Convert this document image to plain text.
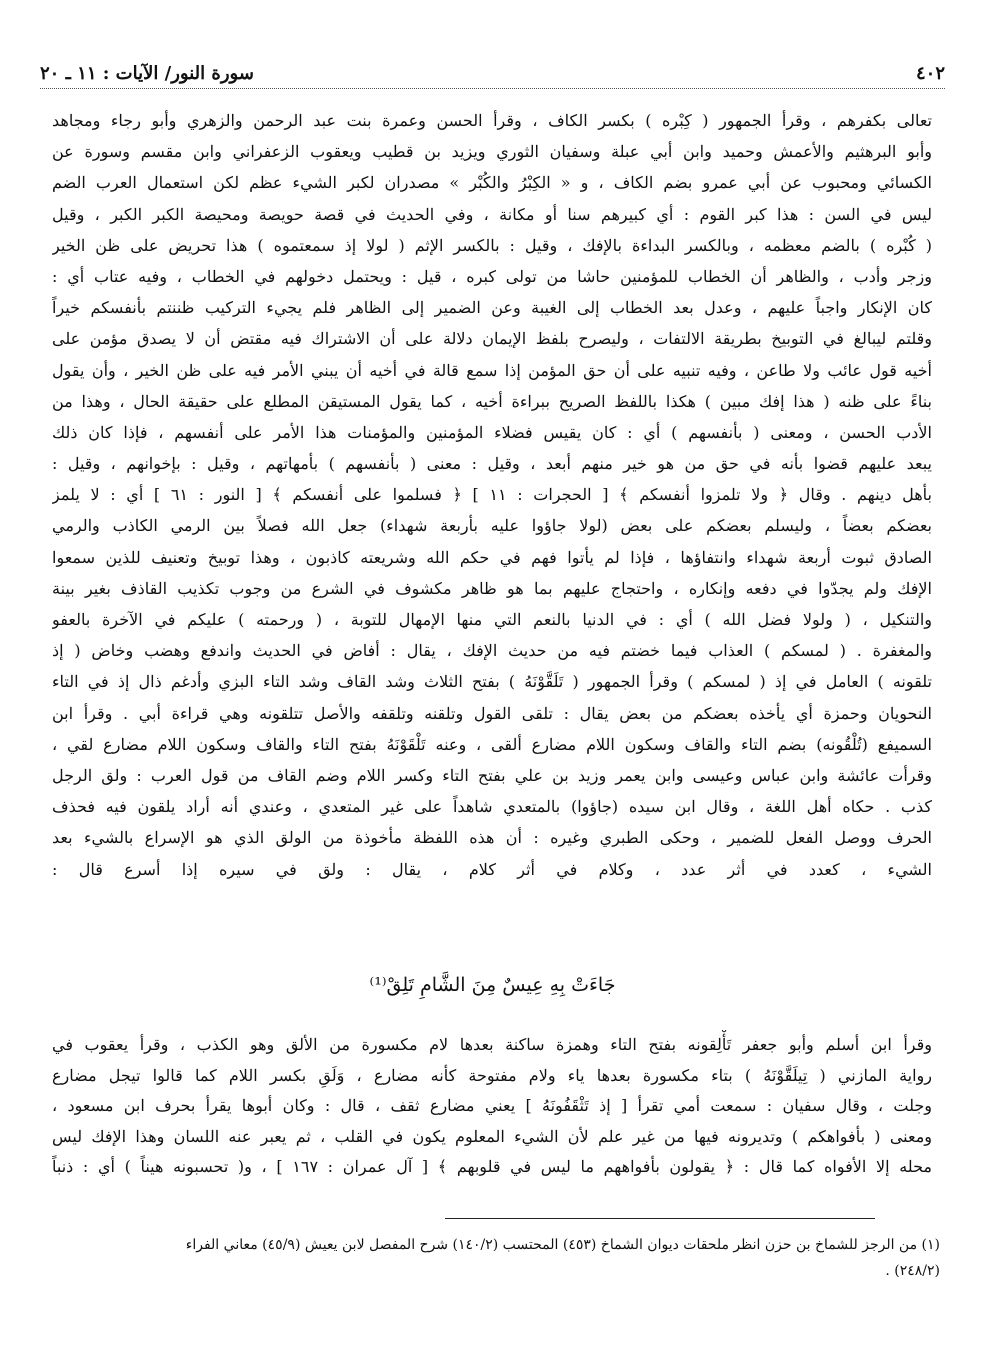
٤٠٢
سورة النور/ الآيات : ١١ ـ ٢٠

تعالى بكفرهم ، وقرأ الجمهور ( كِبْره ) بكسر الكاف ، وقرأ الحسن وعمرة بنت عبد الرحمن والزهري وأبو رجاء ومجاهد

وأبو البرهثيم والأعمش وحميد وابن أبي عبلة وسفيان الثوري ويزيد بن قطيب ويعقوب الزعفراني وابن مقسم وسورة عن

الكسائي ومحبوب عن أبي عمرو بضم الكاف ، و « الكِبْرُ والكُبْر » مصدران لكبر الشيء عظم لكن استعمال العرب الضم

ليس في السن : هذا كبر القوم : أي كبيرهم سنا أو مكانة ، وفي الحديث في قصة حويصة ومحيصة الكبر الكبر ، وقيل

( كُبْره ) بالضم معظمه ، وبالكسر البداءة بالإفك ، وقيل : بالكسر الإثم ( لولا إذ سمعتموه ) هذا تحريض على ظن الخير

وزجر وأدب ، والظاهر أن الخطاب للمؤمنين حاشا من تولى كبره ، قيل : ويحتمل دخولهم في الخطاب ، وفيه عتاب أي :

كان الإنكار واجباً عليهم ، وعدل بعد الخطاب إلى الغيبة وعن الضمير إلى الظاهر فلم يجيء التركيب ظننتم بأنفسكم خيراً

وقلتم ليبالغ في التوبيخ بطريقة الالتفات ، وليصرح بلفظ الإيمان دلالة على أن الاشتراك فيه مقتض أن لا يصدق مؤمن على

أخيه قول عائب ولا طاعن ، وفيه تنبيه على أن حق المؤمن إذا سمع قالة في أخيه أن يبني الأمر فيه على ظن الخير ، وأن يقول

بناءً على ظنه ( هذا إفك مبين ) هكذا باللفظ الصريح ببراءة أخيه ، كما يقول المستيقن المطلع على حقيقة الحال ، وهذا من

الأدب الحسن ، ومعنى ( بأنفسهم ) أي : كان يقيس فضلاء المؤمنين والمؤمنات هذا الأمر على أنفسهم ، فإذا كان ذلك

يبعد عليهم قضوا بأنه في حق من هو خير منهم أبعد ، وقيل : معنى ( بأنفسهم ) بأمهاتهم ، وقيل : بإخوانهم ، وقيل :

بأهل دينهم . وقال ﴿ ولا تلمزوا أنفسكم ﴾ [ الحجرات : ١١ ] ﴿ فسلموا على أنفسكم ﴾ [ النور : ٦١ ] أي : لا يلمز

بعضكم بعضاً ، وليسلم بعضكم على بعض (لولا جاؤوا عليه بأربعة شهداء) جعل الله فصلاً بين الرمي الكاذب والرمي

الصادق ثبوت أربعة شهداء وانتفاؤها ، فإذا لم يأتوا فهم في حكم الله وشريعته كاذبون ، وهذا توبيخ وتعنيف للذين سمعوا

الإفك ولم يجدّوا في دفعه وإنكاره ، واحتجاج عليهم بما هو ظاهر مكشوف في الشرع من وجوب تكذيب القاذف بغير بينة

والتنكيل ، ( ولولا فضل الله ) أي : في الدنيا بالنعم التي منها الإمهال للتوبة ، ( ورحمته ) عليكم في الآخرة بالعفو

والمغفرة . ( لمسكم ) العذاب فيما خضتم فيه من حديث الإفك ، يقال : أفاض في الحديث واندفع وهضب وخاض ( إذ

تلقونه ) العامل في إذ ( لمسكم ) وقرأ الجمهور ( تَلَقَّوْنَهُ ) بفتح الثلاث وشد القاف وشد التاء البزي وأدغم ذال إذ في التاء

النحويان وحمزة أي يأخذه بعضكم من بعض يقال : تلقى القول وتلقنه وتلقفه والأصل تتلقونه وهي قراءة أبي . وقرأ ابن

السميفع (تُلْقُونه) بضم التاء والقاف وسكون اللام مضارع ألقى ، وعنه تَلْقَوْنَهُ بفتح التاء والقاف وسكون اللام مضارع لقي ،

وقرأت عائشة وابن عباس وعيسى وابن يعمر وزيد بن علي بفتح التاء وكسر اللام وضم القاف من قول العرب : ولق الرجل

كذب . حكاه أهل اللغة ، وقال ابن سيده (جاؤوا) بالمتعدي شاهداً على غير المتعدي ، وعندي أنه أراد يلقون فيه فحذف

الحرف ووصل الفعل للضمير ، وحكى الطبري وغيره : أن هذه اللفظة مأخوذة من الولق الذي هو الإسراع بالشيء بعد

الشيء ، كعدد في أثر عدد ، وكلام في أثر كلام ، يقال : ولق في سيره إذا أسرع قال :

جَاءَتْ بِهِ عِيسٌ مِنَ الشَّامِ تَلِقْ⁽¹⁾

وقرأ ابن أسلم وأبو جعفر تَأْلِقونه بفتح التاء وهمزة ساكنة بعدها لام مكسورة من الألق وهو الكذب ، وقرأ يعقوب في

رواية المازني ( تِيلَقَّوْنَهُ ) بتاء مكسورة بعدها ياء ولام مفتوحة كأنه مضارع ، وَلَقِ بكسر اللام كما قالوا تيجل مضارع

وجلت ، وقال سفيان : سمعت أمي تقرأ [ إذ تَثْقَفُونَهُ ] يعني مضارع ثقف ، قال : وكان أبوها يقرأ بحرف ابن مسعود ،

ومعنى ( بأفواهكم ) وتديرونه فيها من غير علم لأن الشيء المعلوم يكون في القلب ، ثم يعبر عنه اللسان وهذا الإفك ليس

محله إلا الأفواه كما قال : ﴿ يقولون بأفواههم ما ليس في قلوبهم ﴾ [ آل عمران : ١٦٧ ] ، و( تحسبونه هيناً ) أي : ذنباً

(١) من الرجز للشماخ بن حزن انظر ملحقات ديوان الشماخ (٤٥٣) المحتسب (١٤٠/٢) شرح المفصل لابن يعيش (٤٥/٩) معاني الفراء

(٢٤٨/٢) .
